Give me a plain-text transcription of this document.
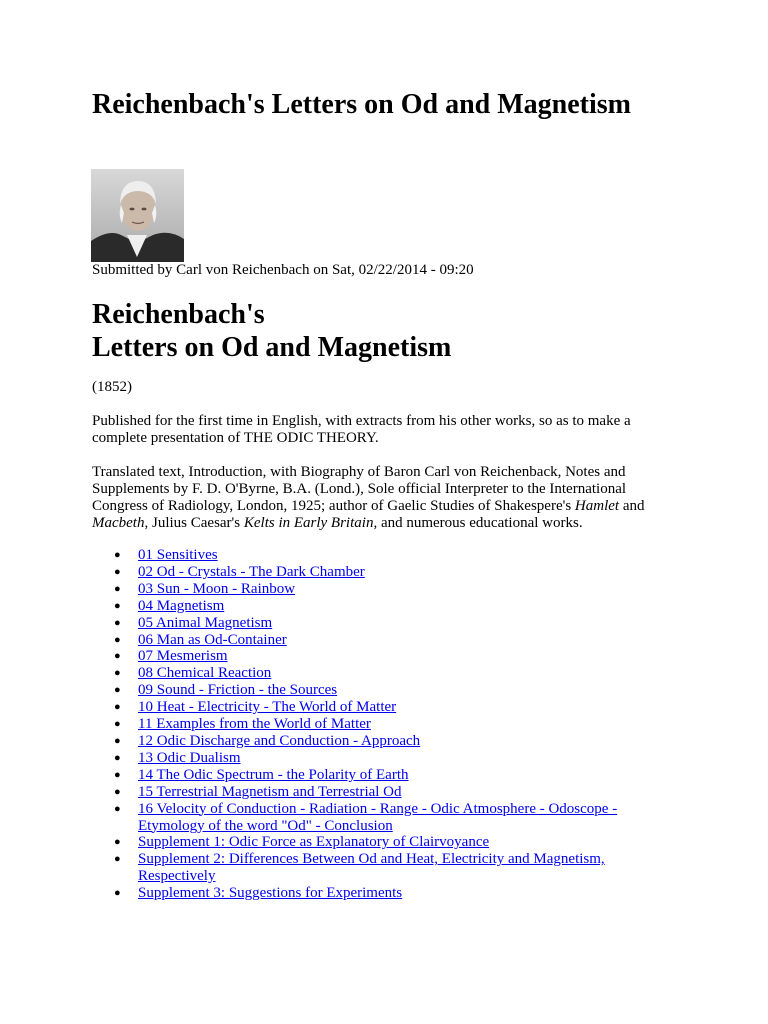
Reichenbach's Letters on Od and Magnetism
Submitted by Carl von Reichenbach on Sat, 02/22/2014 - 09:20
Reichenbach's
Letters on Od and Magnetism
(1852)
Published for the first time in English, with extracts from his other works, so as to make a complete presentation of THE ODIC THEORY.
Translated text, Introduction, with Biography of Baron Carl von Reichenback, Notes and Supplements by F. D. O'Byrne, B.A. (Lond.), Sole official Interpreter to the International Congress of Radiology, London, 1925; author of Gaelic Studies of Shakespere's Hamlet and Macbeth, Julius Caesar's Kelts in Early Britain, and numerous educational works.
● 01 Sensitives
● 02 Od - Crystals - The Dark Chamber
● 03 Sun - Moon - Rainbow
● 04 Magnetism
● 05 Animal Magnetism
● 06 Man as Od-Container
● 07 Mesmerism
● 08 Chemical Reaction
● 09 Sound - Friction - the Sources
● 10 Heat - Electricity - The World of Matter
● 11 Examples from the World of Matter
● 12 Odic Discharge and Conduction - Approach
● 13 Odic Dualism
● 14 The Odic Spectrum - the Polarity of Earth
● 15 Terrestrial Magnetism and Terrestrial Od
● 16 Velocity of Conduction - Radiation - Range - Odic Atmosphere - Odoscope - Etymology of the word "Od" - Conclusion
● Supplement 1: Odic Force as Explanatory of Clairvoyance
● Supplement 2: Differences Between Od and Heat, Electricity and Magnetism, Respectively
● Supplement 3: Suggestions for Experiments
